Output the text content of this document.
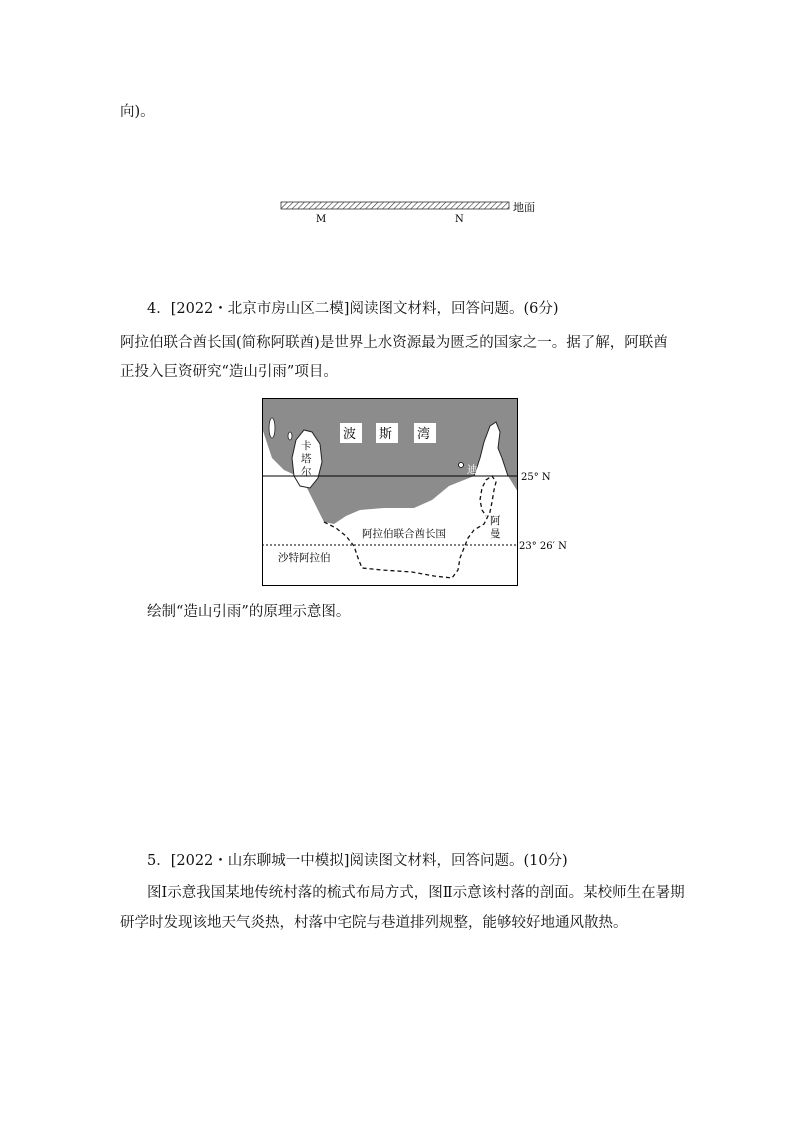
向)。
地面
M	N
4．[2022・北京市房山区二模]阅读图文材料，回答问题。(6分)
阿拉伯联合酋长国(简称阿联酋)是世界上水资源最为匮乏的国家之一。据了解，阿联酋
正投入巨资研究“造山引雨”项目。
波 斯 湾
卡
塔
尔	迪拜
阿拉伯联合酋长国
阿
曼
沙特阿拉伯
25° N
23° 26′ N
绘制“造山引雨”的原理示意图。
5．[2022・山东聊城一中模拟]阅读图文材料，回答问题。(10分)
图Ⅰ示意我国某地传统村落的梳式布局方式，图Ⅱ示意该村落的剖面。某校师生在暑期
研学时发现该地天气炎热，村落中宅院与巷道排列规整，能够较好地通风散热。
